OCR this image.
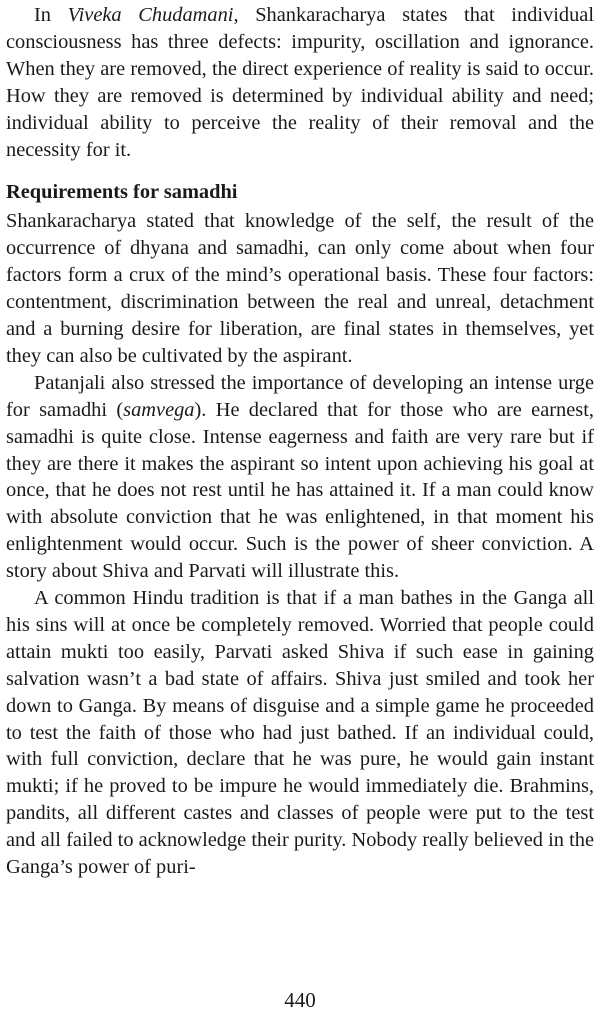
In Viveka Chudamani, Shankaracharya states that individual consciousness has three defects: impurity, oscillation and ignorance. When they are removed, the direct experience of reality is said to occur. How they are removed is determined by individual ability and need; individual ability to perceive the reality of their removal and the necessity for it.

Requirements for samadhi

Shankaracharya stated that knowledge of the self, the result of the occurrence of dhyana and samadhi, can only come about when four factors form a crux of the mind’s operational basis. These four factors: contentment, discrimination between the real and unreal, detachment and a burning desire for liberation, are final states in themselves, yet they can also be cultivated by the aspirant.

Patanjali also stressed the importance of developing an intense urge for samadhi (samvega). He declared that for those who are earnest, samadhi is quite close. Intense eagerness and faith are very rare but if they are there it makes the aspirant so intent upon achieving his goal at once, that he does not rest until he has attained it. If a man could know with absolute conviction that he was enlightened, in that moment his enlightenment would occur. Such is the power of sheer conviction. A story about Shiva and Parvati will illustrate this.

A common Hindu tradition is that if a man bathes in the Ganga all his sins will at once be completely removed. Worried that people could attain mukti too easily, Parvati asked Shiva if such ease in gaining salvation wasn’t a bad state of affairs. Shiva just smiled and took her down to Ganga. By means of disguise and a simple game he proceeded to test the faith of those who had just bathed. If an individual could, with full conviction, declare that he was pure, he would gain instant mukti; if he proved to be impure he would immediately die. Brahmins, pandits, all different castes and classes of people were put to the test and all failed to acknowledge their purity. Nobody really believed in the Ganga’s power of puri-

440
